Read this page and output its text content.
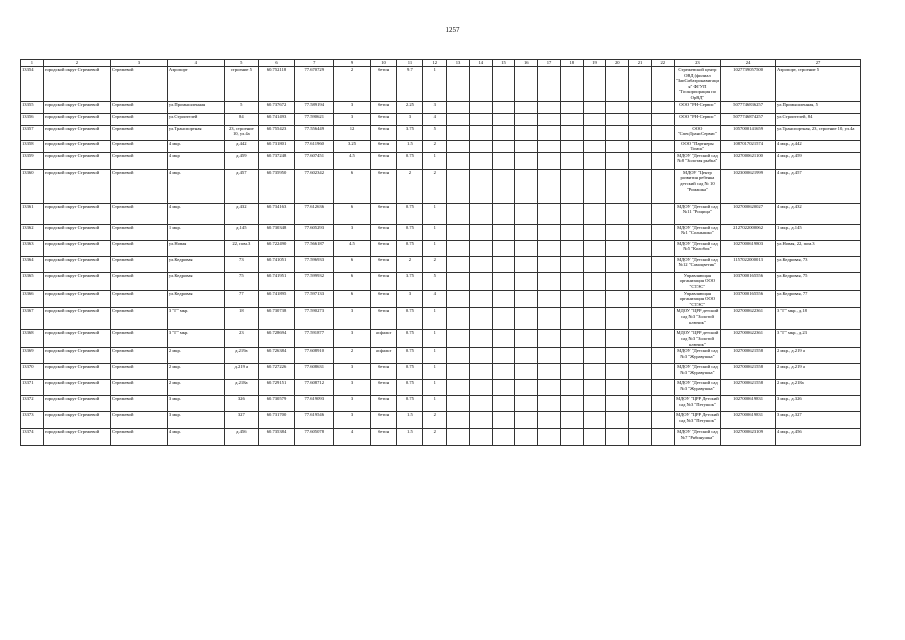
1257
1	2	3	4	5	6	7	9	10	11	12	13	14	15	16	17	18	19	20	21	22	23	24	27
13354	городской округ Стрежевой	Стрежевой	Аэропорт	строение 5	60.752118	77.670729	2	бетон	9.7	1											Стрежевской центр ОВД (филиал "ЗапСибаэронавигация" ФГУП "Госкорпорация по ОрВД"	1027739057500	Аэропорт, строение 5
13355	городской округ Стрежевой	Стрежевой	ул.Промышленная	5	60.737672	77.589194	3	бетон	2.25	3											ООО "РН-Сервис"	5077746836257	ул.Промышленная, 5
13356	городской округ Стрежевой	Стрежевой	ул.Строителей	84	60.741493	77.590621	3	бетон	3	4											ООО "РН-Сервис"	5077746874257	ул.Строителей, 84
13357	городской округ Стрежевой	Стрежевой	ул.Транспортная	23, строение 10, ул.4а	60.755423	77.556449	12	бетон	3.75	5											ООО "СпецТрансСервис"	1057000141659	ул.Транспортная, 23, строение 10, ул.4а
13358	городской округ Стрежевой	Стрежевой	4 мкр.	д.442	60.731801	77.611960	3.25	бетон	1.5	2											ООО "Партнеры Томск"	1087017021574	4 мкр., д.442
13359	городской округ Стрежевой	Стрежевой	4 мкр	д.459	60.737248	77.607451	4.5	бетон	0.75	1											МДОУ "Детский сад №8 "Золотая рыбка"	1027000621100	4 мкр., д.459
13360	городской округ Стрежевой	Стрежевой	4 мкр.	д.457	60.735950	77.602342	6	бетон	2	2											МДОУ "Центр развития ребенка детский сад № 10 "Ромашка"	1023000621999	4 мкр., д.457
13361	городской округ Стрежевой	Стрежевой	4 мкр.	д.432	60.734163	77.612636	6	бетон	0.75	1											МДОУ "Детский сад №11 "Рощица"	1027000620027	4 мкр., д.432
13362	городской округ Стрежевой	Стрежевой	1 мкр.	д.145	60.730348	77.605293	3	бетон	0.75	1											МДОУ "Детский сад №1 "Солнышко"	2127022000062	1 мкр., д.145
13363	городской округ Стрежевой	Стрежевой	ул.Новая	22, пом.3	60.722490	77.566187	4.5	бетон	0.75	1											МДОУ "Детский сад №5 "Колобок"	1027000619803	ул.Новая, 22, пом.3
13364	городской округ Стрежевой	Стрежевой	ул.Кедровая	73	60.741051	77.596933	6	бетон	2	2											МДОУ "Детский сад №12 "Самоцветик"	1157022000013	ул.Кедровая, 73
13365	городской округ Стрежевой	Стрежевой	ул.Кедровая	75	60.741951	77.599932	6	бетон	3.75	5											Управляющая организация ООО "СТЭС"	1037000165556	ул.Кедровая, 75
13366	городской округ Стрежевой	Стрежевой	ул.Кедровая	77	60.741895	77.597133	6	бетон	3	4											Управляющая организация ООО "СТЭС"	1037000165556	ул.Кедровая, 77
13367	городской округ Стрежевой	Стрежевой	3 "Г" мкр.	18	60.730738	77.590273	3	бетон	0.75	1											МДОУ "ЦРР детский сад №3 "Золотой ключик"	1027000622361	3 "Г" мкр., д.18
13368	городской округ Стрежевой	Стрежевой	3 "Г" мкр.	23	60.728694	77.591877	3	асфальт	0.75	1											МДОУ "ЦРР детский сад №3 "Золотой ключик"	1027000622361	3 "Г" мкр., д.23
13369	городской округ Стрежевой	Стрежевой	2 мкр.	д.219а	60.726384	77.608910	2	асфальт	0.75	1											МДОУ "Детский сад №3 "Журавушка"	1027000621558	2 мкр., д.219 а
13370	городской округ Стрежевой	Стрежевой	2 мкр.	д.219 а	60.727226	77.608631	3	бетон	0.75	1											МДОУ "Детский сад №3 "Журавушка"	1027000621558	2 мкр., д.219 а
13371	городской округ Стрежевой	Стрежевой	2 мкр.	д.218а	60.729151	77.608712	3	бетон	0.75	1											МДОУ "Детский сад №3 "Журавушка"	1027000621558	2 мкр., д.218а
13372	городской округ Стрежевой	Стрежевой	3 мкр.	326	60.730579	77.619093	3	бетон	0.75	1											МДОУ "ЦРР Детский сад №3 "Петушок"	1027000619831	3 мкр., д.326
13373	городской округ Стрежевой	Стрежевой	3 мкр.	327	60.731700	77.619546	3	бетон	1.5	2											МДОУ "ЦРР Детский сад №3 "Петушок"	1027000619831	3 мкр., д.327
13374	городской округ Стрежевой	Стрежевой	4 мкр.	д.456	60.735384	77.605078	4	бетон	1.5	2											МДОУ "Детский сад №7 "Рябинушка"	1027000623109	4 мкр., д.456
